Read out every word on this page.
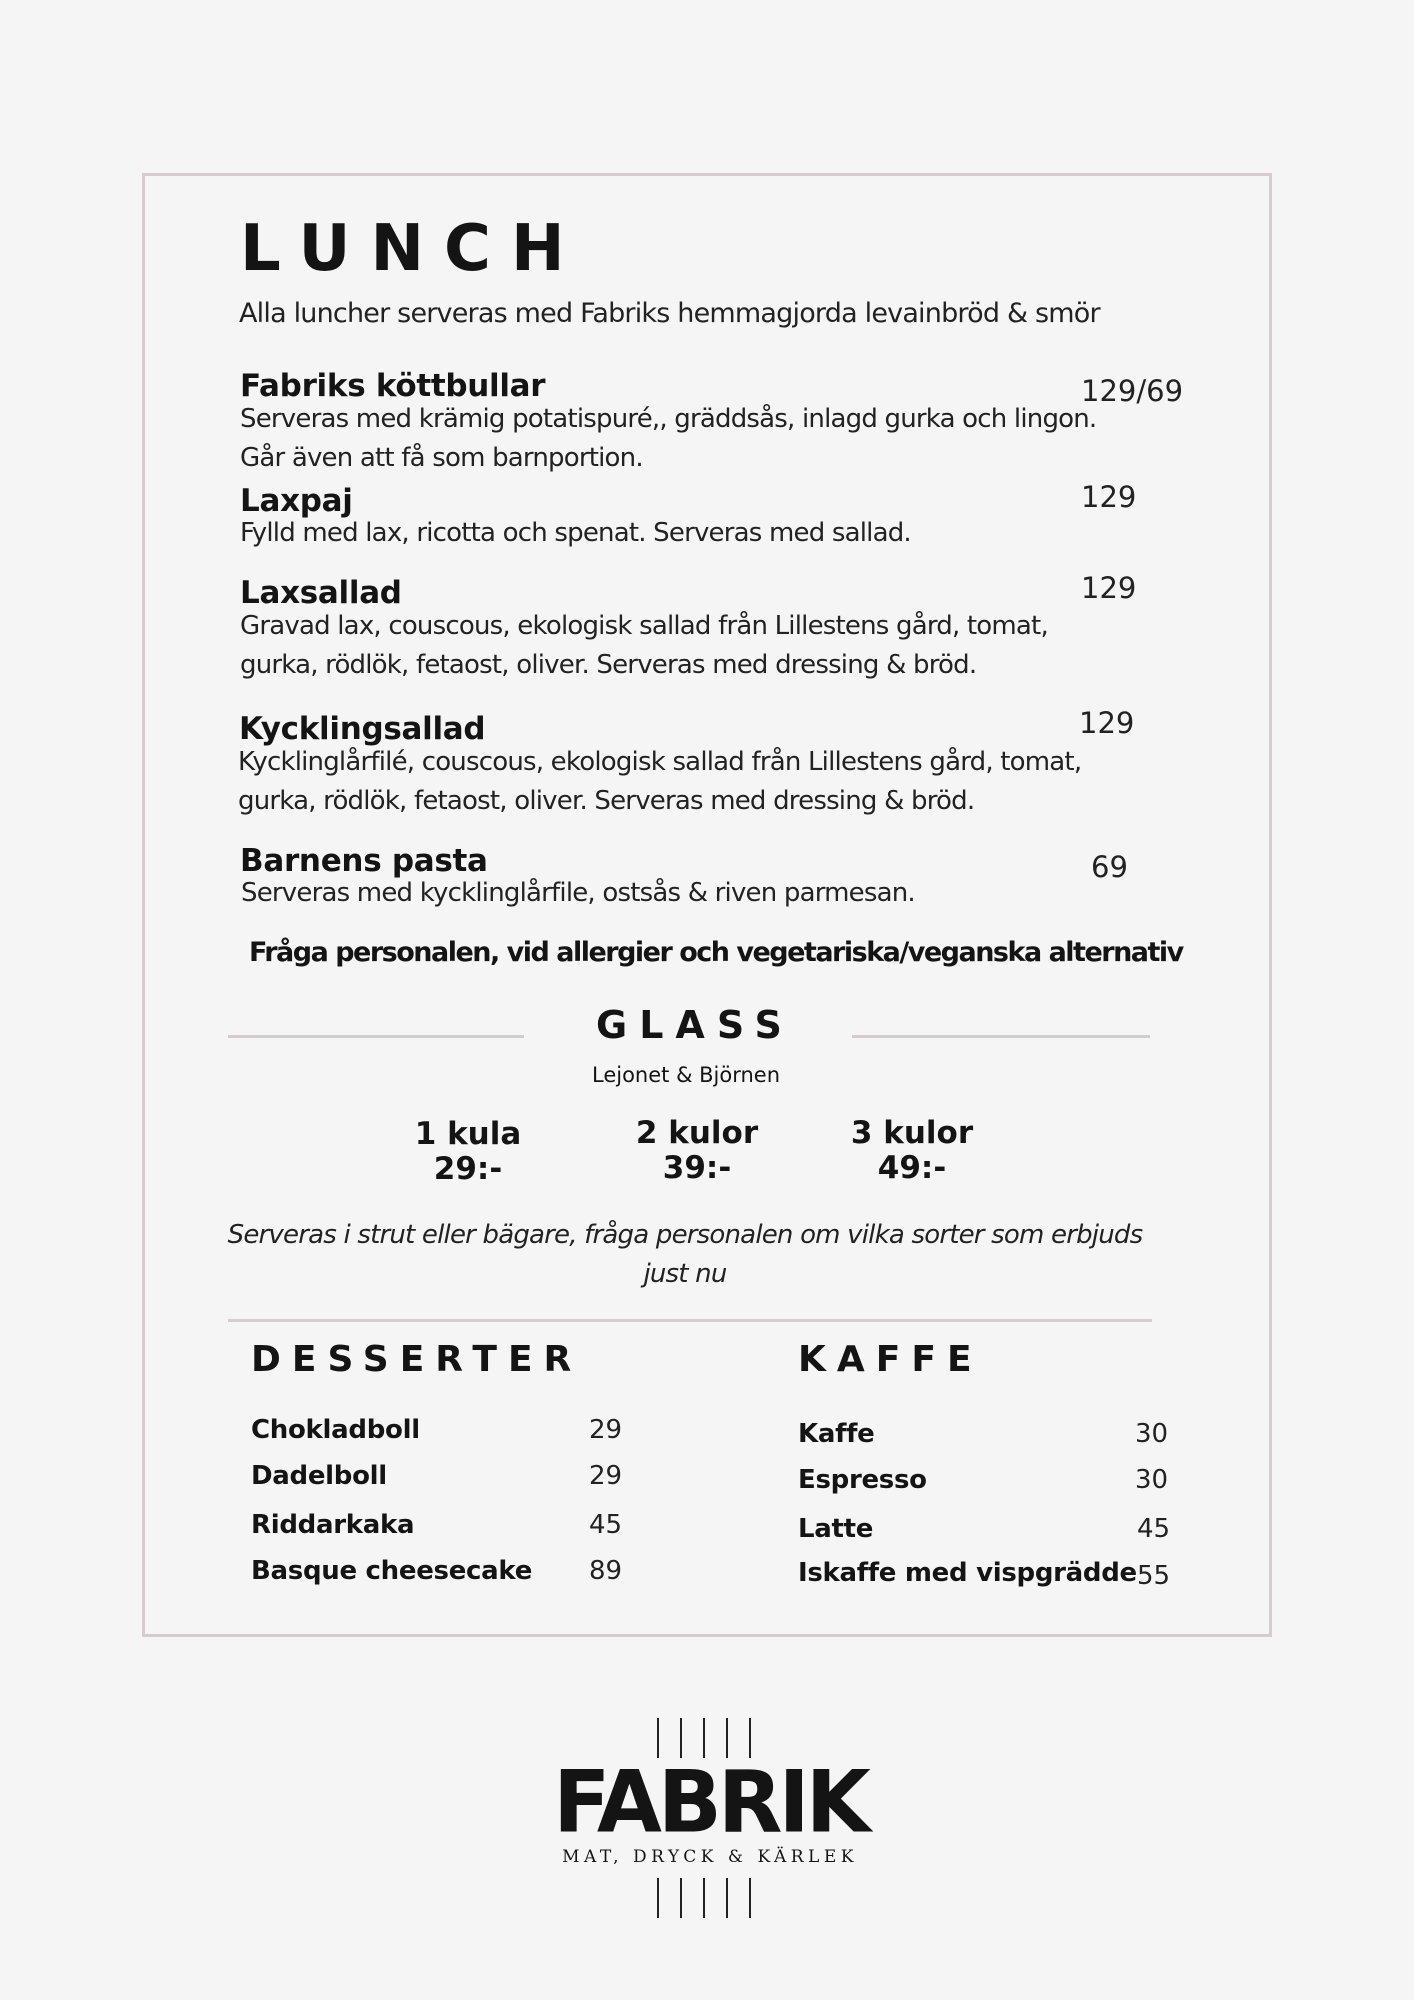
LUNCH
Alla luncher serveras med Fabriks hemmagjorda levainbröd & smör
Fabriks köttbullar	129/69
Serveras med krämig potatispuré,, gräddsås, inlagd gurka och lingon.
Går även att få som barnportion.
Laxpaj	129
Fylld med lax, ricotta och spenat. Serveras med sallad.
Laxsallad	129
Gravad lax, couscous, ekologisk sallad från Lillestens gård, tomat,
gurka, rödlök, fetaost, oliver. Serveras med dressing & bröd.
Kycklingsallad	129
Kycklinglårfilé, couscous, ekologisk sallad från Lillestens gård, tomat,
gurka, rödlök, fetaost, oliver. Serveras med dressing & bröd.
Barnens pasta	69
Serveras med kycklinglårfile, ostsås & riven parmesan.
Fråga personalen, vid allergier och vegetariska/veganska alternativ
GLASS
Lejonet & Björnen
1 kula
29:-
2 kulor
39:-
3 kulor
49:-
Serveras i strut eller bägare, fråga personalen om vilka sorter som erbjuds just nu
DESSERTER
Chokladboll	29
Dadelboll	29
Riddarkaka	45
Basque cheesecake 89
KAFFE
Kaffe	30
Espresso	30
Latte	45
Iskaffe med vispgrädde 55
FABRIK
MAT, DRYCK & KÄRLEK
